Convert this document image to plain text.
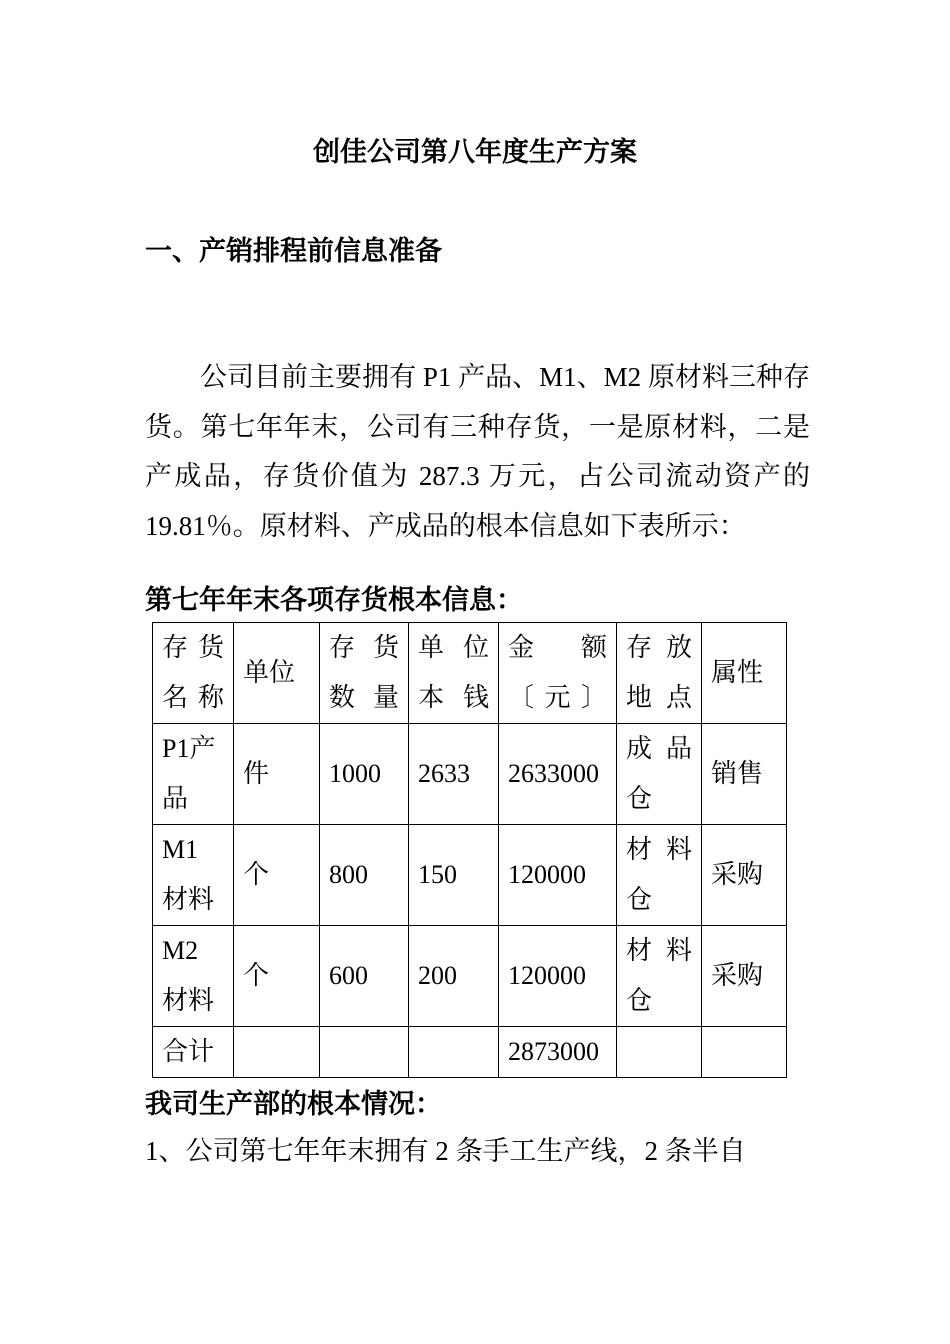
创佳公司第八年度生产方案
一、产销排程前信息准备

公司目前主要拥有 P1 产品、M1、M2 原材料三种存货。第七年年末，公司有三种存货，一是原材料，二是产成品，存货价值为 287.3 万元，占公司流动资产的 19.81％。原材料、产成品的根本信息如下表所示：

第七年年末各项存货根本信息：
存货名称	单位	存货数量	单位本钱	金额〔元〕	存放地点	属性
P1产品	件	1000	2633	2633000	成品仓	销售
M1材料	个	800	150	120000	材料仓	采购
M2材料	个	600	200	120000	材料仓	采购
合计				2873000		
我司生产部的根本情况：
1、公司第七年年末拥有 2 条手工生产线，2 条半自
